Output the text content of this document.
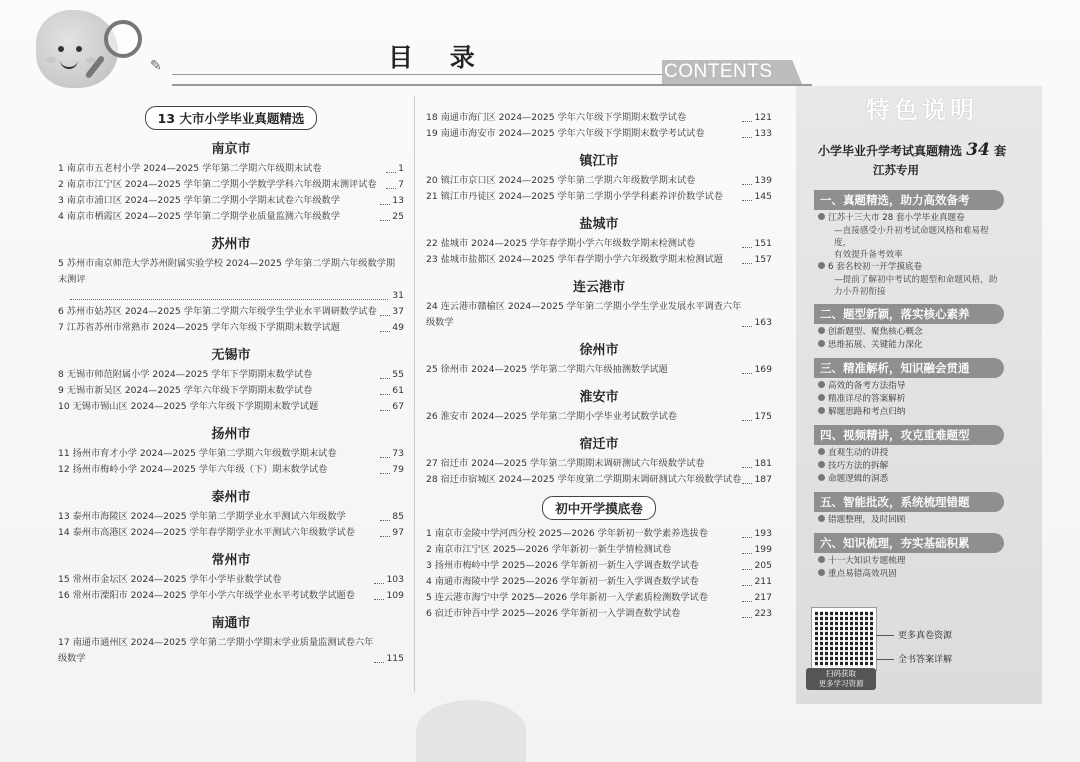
✎	目 录	CONTENTS
13 大市小学毕业真题精选
南京市
1 南京市五老村小学 2024—2025 学年第二学期六年级期末试卷	1
2 南京市江宁区 2024—2025 学年第二学期小学数学学科六年级期末测评试卷	7
3 南京市浦口区 2024—2025 学年第二学期小学期末试卷六年级数学	13
4 南京市栖霞区 2024—2025 学年第二学期学业质量监测六年级数学	25
苏州市
5 苏州市南京师范大学苏州附属实验学校 2024—2025 学年第二学期六年级数学期末测评
31
6 苏州市姑苏区 2024—2025 学年第二学期六年级学生学业水平调研数学试卷	37
7 江苏省苏州市常熟市 2024—2025 学年六年级下学期期末数学试题	49
无锡市
8 无锡市师范附属小学 2024—2025 学年下学期期末数学试卷	55
9 无锡市新吴区 2024—2025 学年六年级下学期期末数学试卷	61
10 无锡市锡山区 2024—2025 学年六年级下学期期末数学试题	67
扬州市
11 扬州市育才小学 2024—2025 学年第二学期六年级数学期末试卷	73
12 扬州市梅岭小学 2024—2025 学年六年级（下）期末数学试卷	79
泰州市
13 泰州市海陵区 2024—2025 学年第二学期学业水平测试六年级数学	85
14 泰州市高港区 2024—2025 学年春学期学业水平测试六年级数学试卷	97
常州市
15 常州市金坛区 2024—2025 学年小学毕业数学试卷	103
16 常州市溧阳市 2024—2025 学年小学六年级学业水平考试数学试题卷	109
南通市
17 南通市通州区 2024—2025 学年第二学期小学期末学业质量监测试卷六年级数学	115
18 南通市海门区 2024—2025 学年六年级下学期期末数学试卷	121
19 南通市海安市 2024—2025 学年六年级下学期期末数学考试试卷	133
镇江市
20 镇江市京口区 2024—2025 学年第二学期六年级数学期末试卷	139
21 镇江市丹徒区 2024—2025 学年第二学期小学学科素养评价数学试卷	145
盐城市
22 盐城市 2024—2025 学年春学期小学六年级数学期末检测试卷	151
23 盐城市盐都区 2024—2025 学年春学期小学六年级数学期末检测试题	157
连云港市
24 连云港市赣榆区 2024—2025 学年第二学期小学生学业发展水平调查六年级数学	163
徐州市
25 徐州市 2024—2025 学年第二学期六年级抽测数学试题	169
淮安市
26 淮安市 2024—2025 学年第二学期小学毕业考试数学试卷	175
宿迁市
27 宿迁市 2024—2025 学年第二学期期末调研测试六年级数学试卷	181
28 宿迁市宿城区 2024—2025 学年度第二学期期末调研测试六年级数学试卷 187
初中开学摸底卷
1 南京市金陵中学河西分校 2025—2026 学年新初一数学素养选拔卷	193
2 南京市江宁区 2025—2026 学年新初一新生学情检测试卷	199
3 扬州市梅岭中学 2025—2026 学年新初一新生入学调查数学试卷	205
4 南通市海陵中学 2025—2026 学年新初一新生入学调查数学试卷	211
5 连云港市海宁中学 2025—2026 学年新初一入学素质检测数学试卷	217
6 宿迁市钟吾中学 2025—2026 学年新初一入学调查数学试卷	223
特色说明
小学毕业升学考试真题精选 34 套
江苏专用
一、真题精选，助力高效备考
江苏十三大市 28 套小学毕业真题卷
—直接感受小升初考试命题风格和难易程度，
有效提升备考效率
6 套名校初一开学摸底卷
—提前了解初中考试的题型和命题风格，助
力小升初衔接
二、题型新颖，落实核心素养
创新题型、聚焦核心概念
思维拓展、关键能力深化
三、精准解析，知识融会贯通
高效的备考方法指导
精准详尽的答案解析
解题思路和考点归纳
四、视频精讲，攻克重难题型
直观生动的讲授
技巧方法的拆解
命题逻辑的洞悉
五、智能批改，系统梳理错题
错题整理，及时回顾
六、知识梳理，夯实基础积累
十一大知识专题梳理
重点易错高效巩固
扫码获取
更多学习资源
更多真卷资源
全书答案详解
